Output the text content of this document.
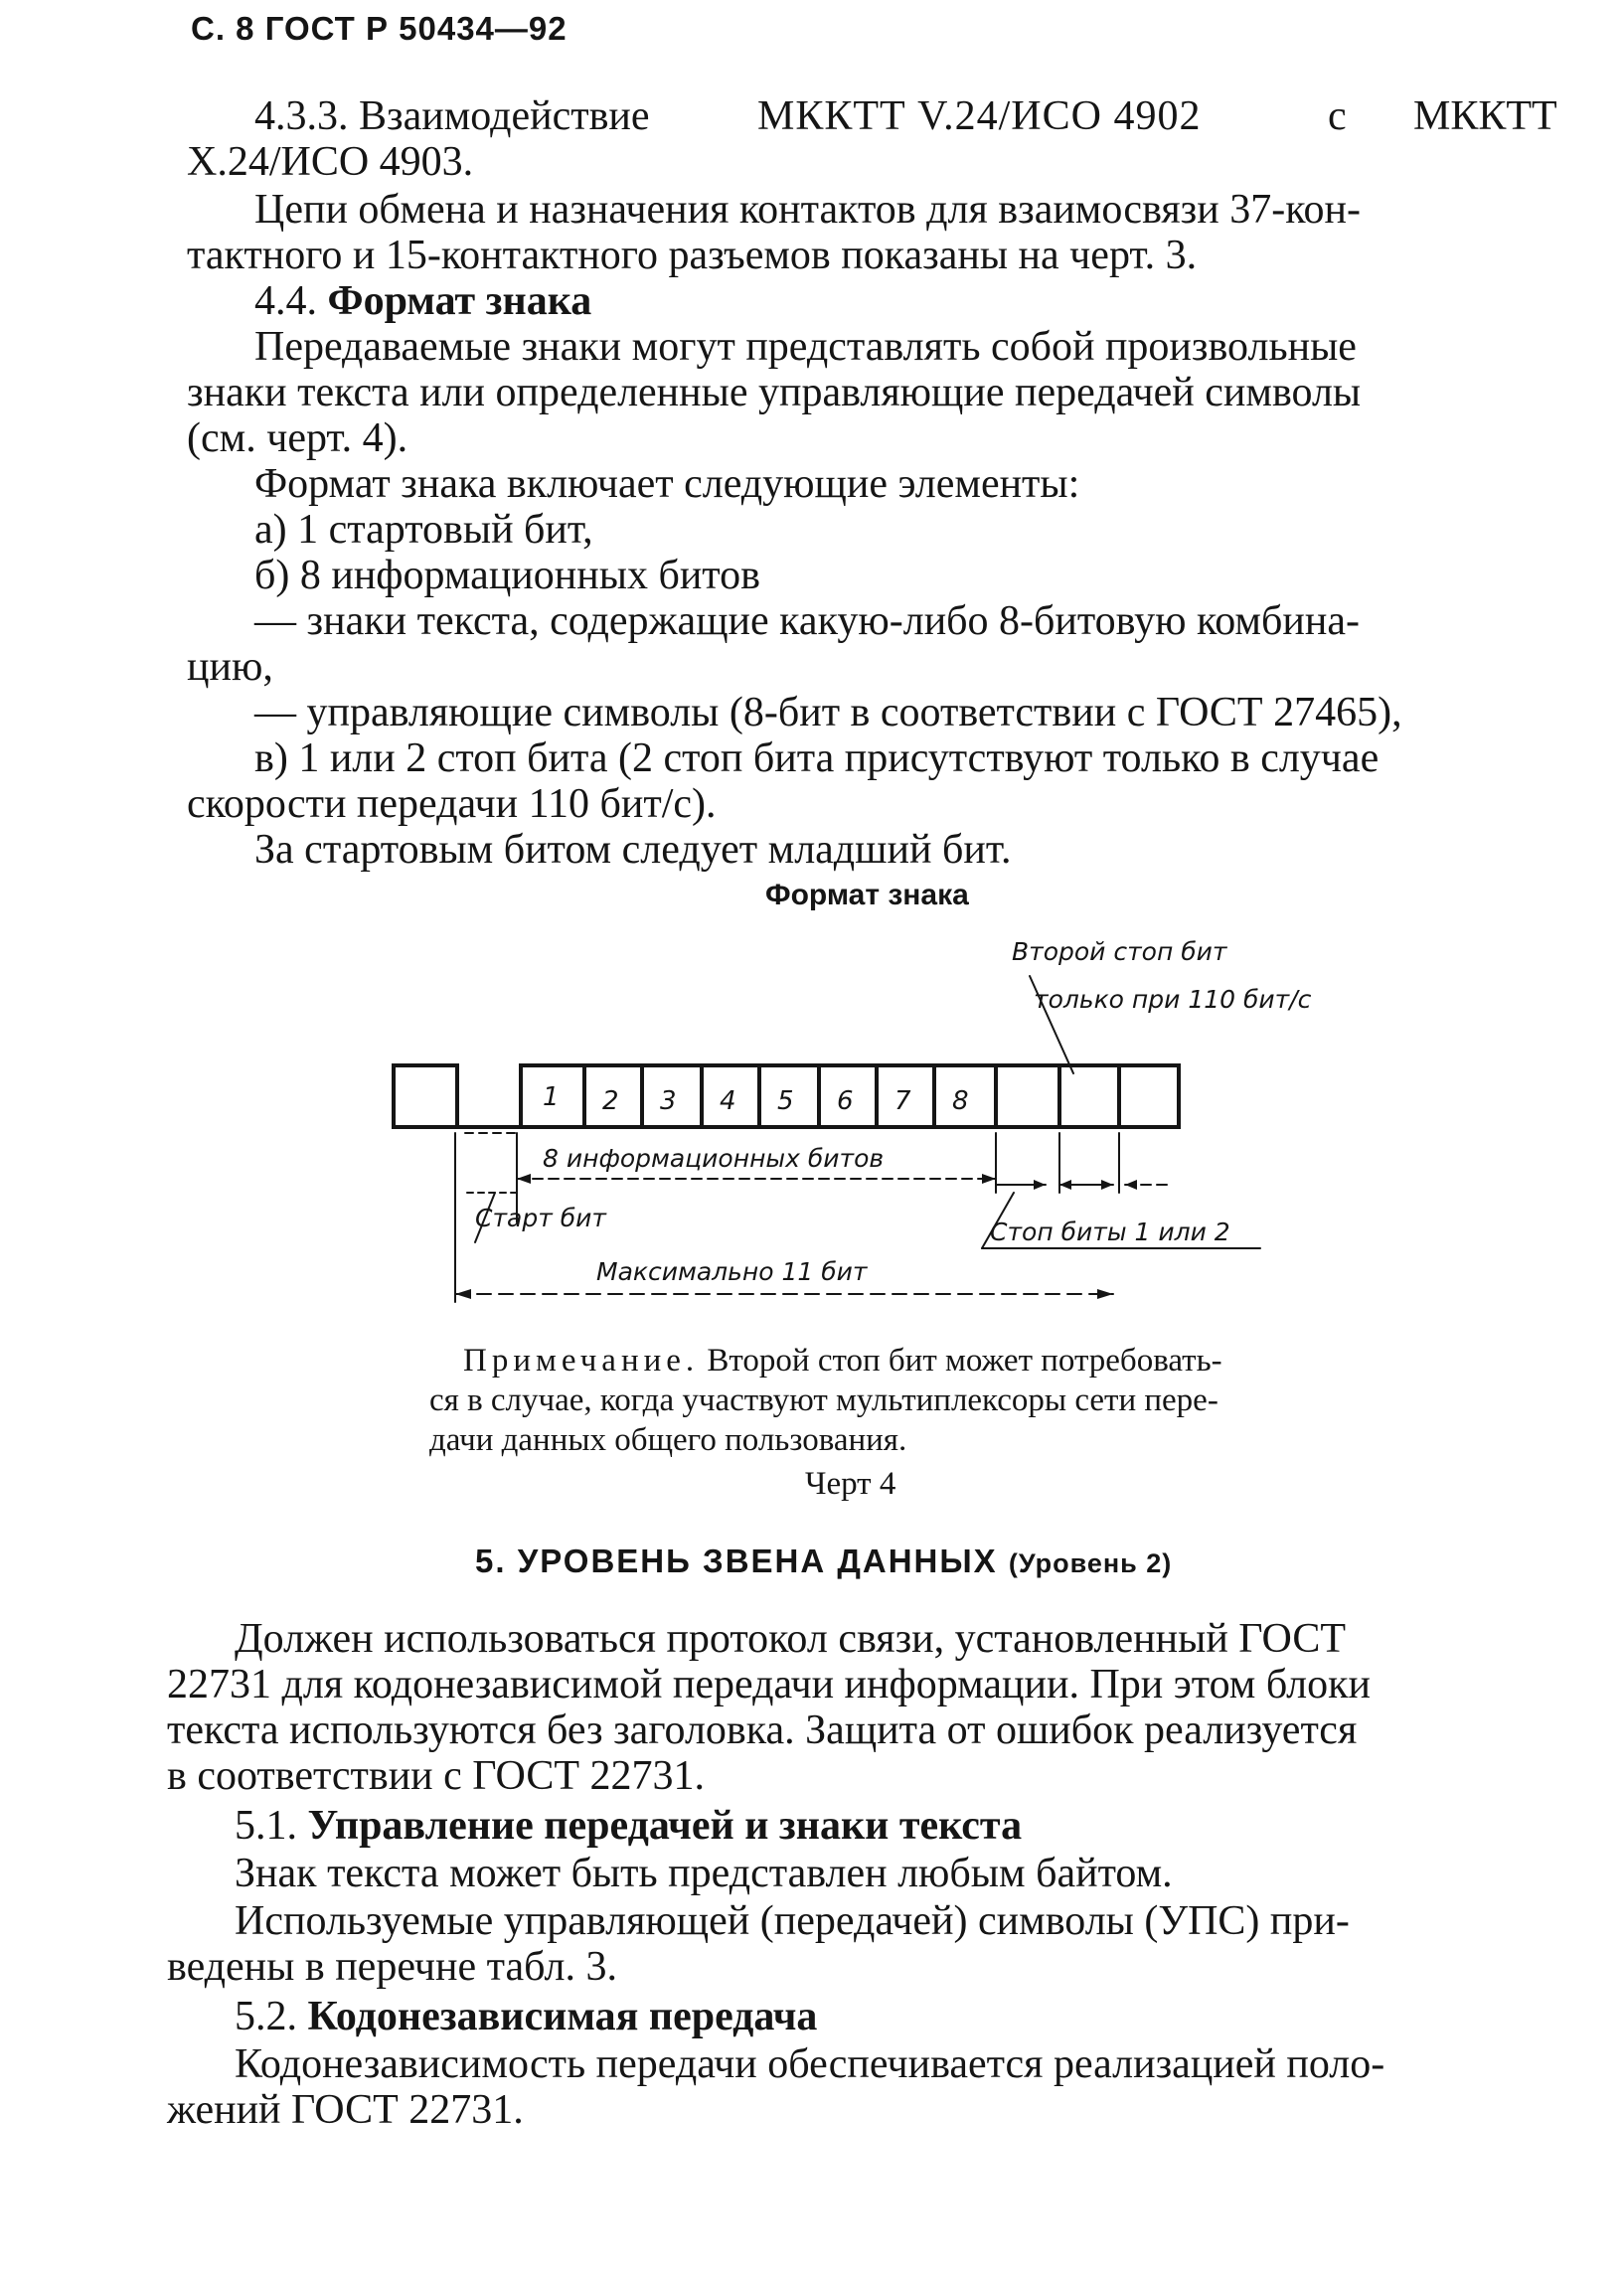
С. 8 ГОСТ Р 50434—92
4.3.3. Взаимодействие	МККТТ V.24/ИСО 4902	с МККТТ
Х.24/ИСО 4903.
Цепи обмена и назначения контактов для взаимосвязи 37-кон-
тактного и 15-контактного разъемов показаны на черт. 3.
4.4. Формат знака
Передаваемые знаки могут представлять собой произвольные
знаки текста или определенные управляющие передачей символы
(см. черт. 4).
Формат знака включает следующие элементы:
а) 1 стартовый бит,
б) 8 информационных битов
— знаки текста, содержащие какую-либо 8-битовую комбина-
цию,
— управляющие символы (8-бит в соответствии с ГОСТ 27465),
в) 1 или 2 стоп бита (2 стоп бита присутствуют только в случае
скорости передачи 110 бит/с).
За стартовым битом следует младший бит.
Формат знака
1 2 3 4 5 6 7 8
Второй стоп бит
только при 110 бит/с
8 информационных битов
Старт бит	Стоп биты 1 или 2
Максимально 11 бит
Примечание. Второй стоп бит может потребовать-
ся в случае, когда участвуют мультиплексоры сети пере-
дачи данных общего пользования.
Черт 4
5. УРОВЕНЬ ЗВЕНА ДАННЫХ (Уровень 2)
Должен использоваться протокол связи, установленный ГОСТ
22731 для кодонезависимой передачи информации. При этом блоки
текста используются без заголовка. Защита от ошибок реализуется
в соответствии с ГОСТ 22731.
5.1. Управление передачей и знаки текста
Знак текста может быть представлен любым байтом.
Используемые управляющей (передачей) символы (УПС) при-
ведены в перечне табл. 3.
5.2. Кодонезависимая передача
Кодонезависимость передачи обеспечивается реализацией поло-
жений ГОСТ 22731.
